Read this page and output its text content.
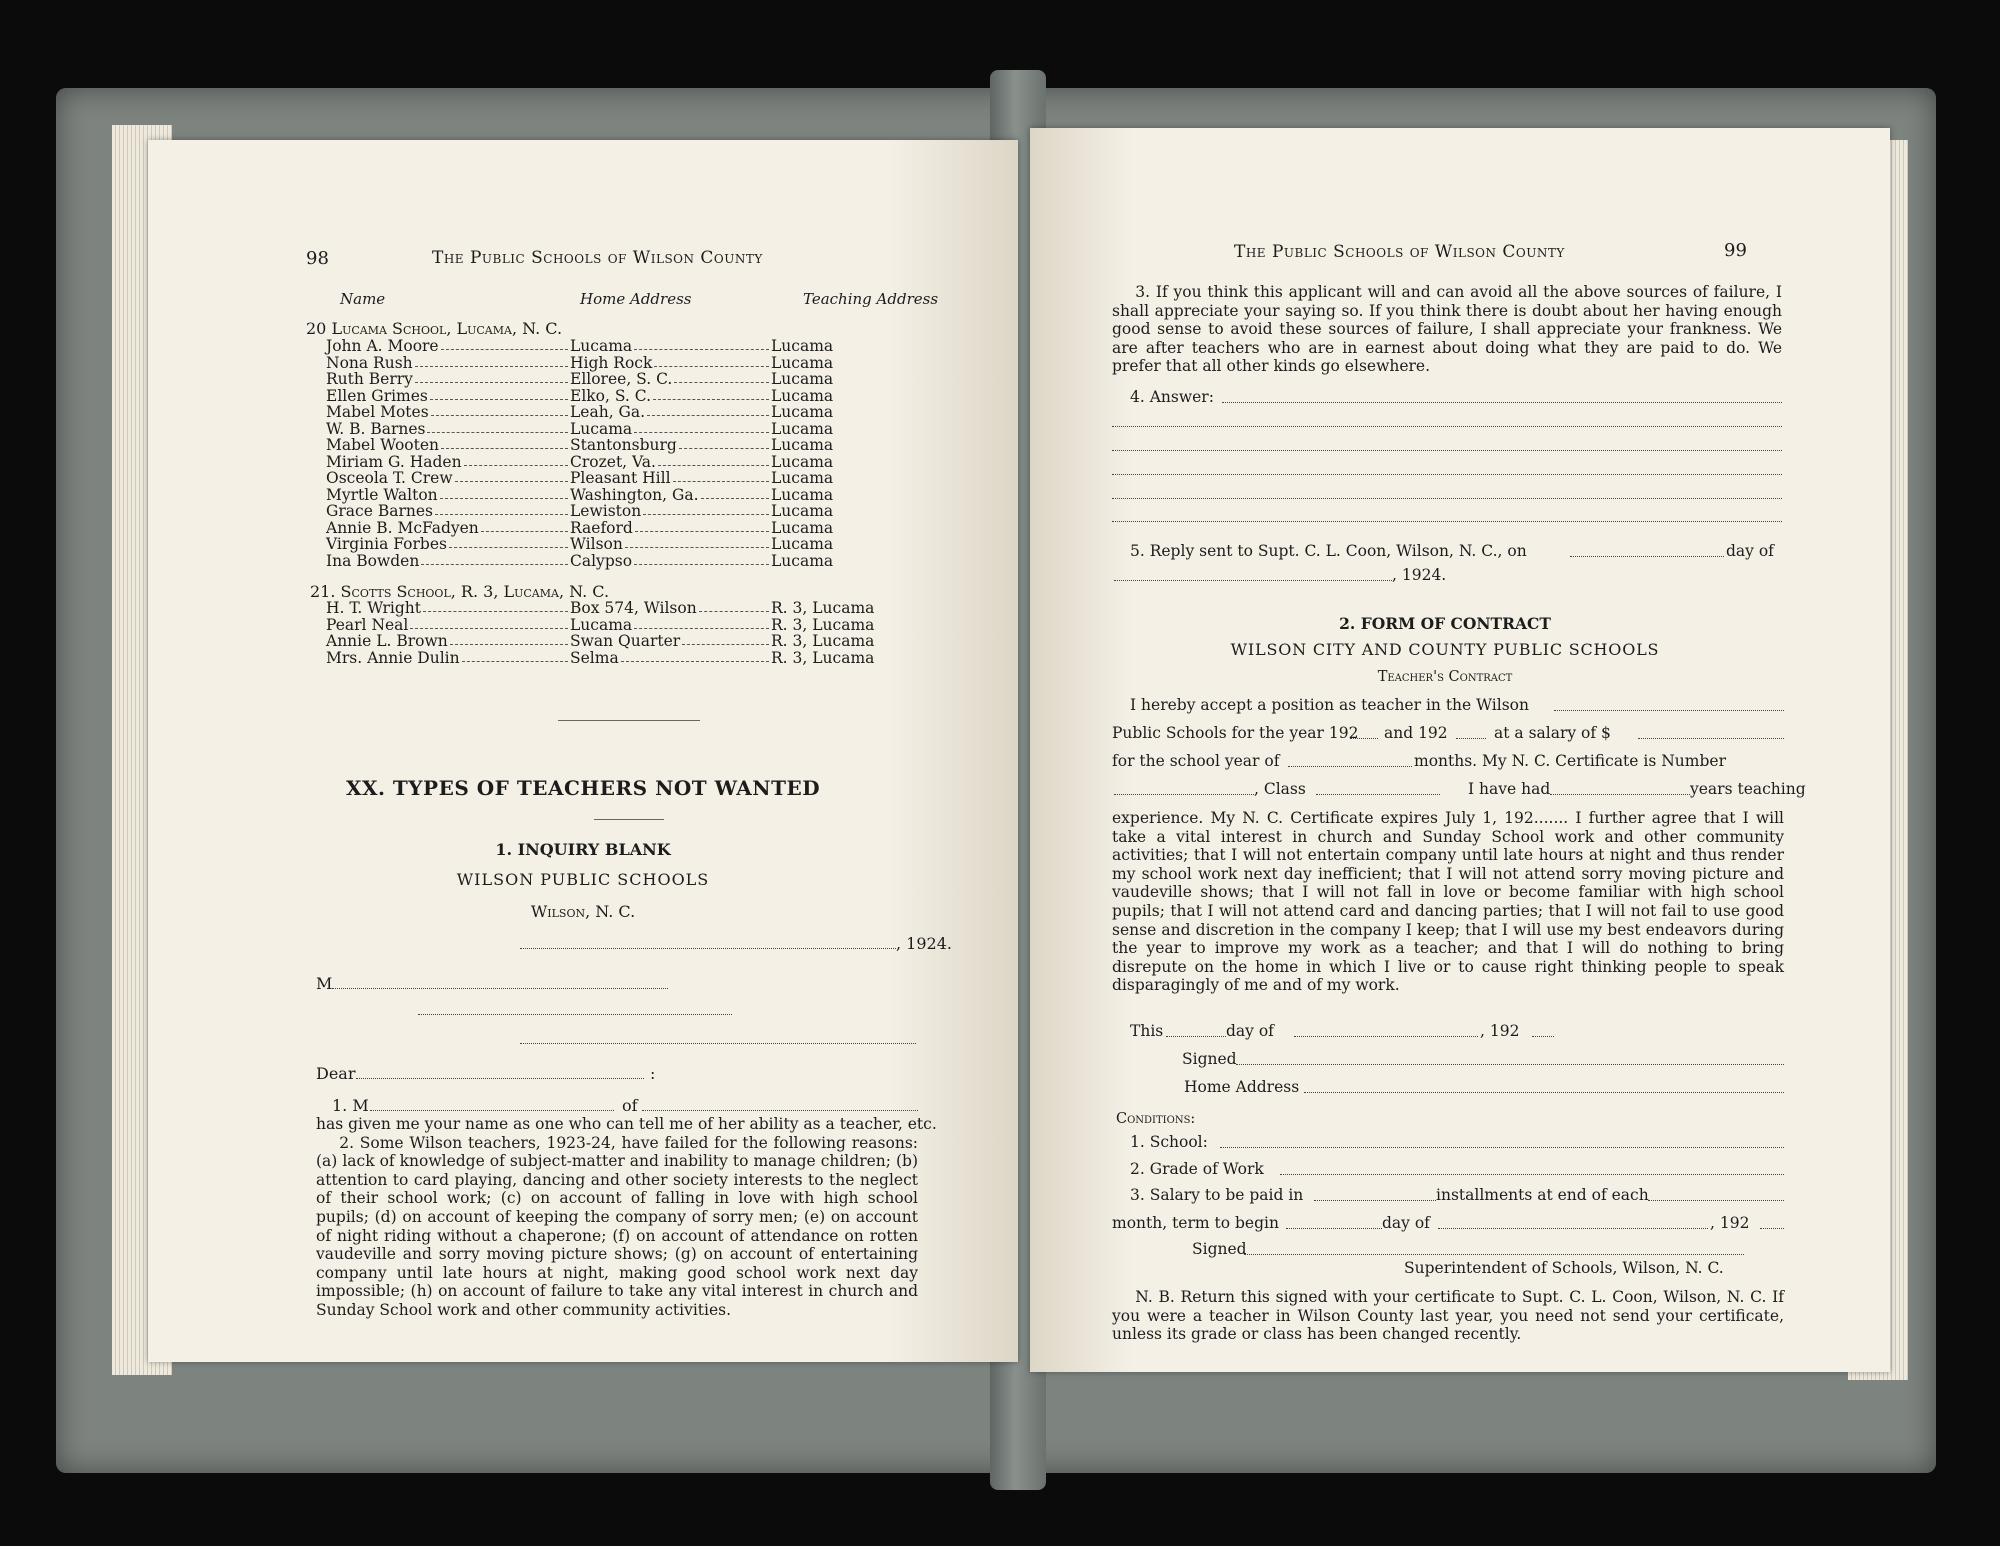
98	The Public Schools of Wilson County
Name	Home Address	Teaching Address
20 Lucama School, Lucama, N. C.
John A. Moore	Lucama	Lucama
Nona Rush	High Rock	Lucama
Ruth Berry	Elloree, S. C.	Lucama
Ellen Grimes	Elko, S. C.	Lucama
Mabel Motes	Leah, Ga.	Lucama
W. B. Barnes	Lucama	Lucama
Mabel Wooten	Stantonsburg	Lucama
Miriam G. Haden	Crozet, Va.	Lucama
Osceola T. Crew	Pleasant Hill	Lucama
Myrtle Walton	Washington, Ga.	Lucama
Grace Barnes	Lewiston	Lucama
Annie B. McFadyen	Raeford	Lucama
Virginia Forbes	Wilson	Lucama
Ina Bowden	Calypso	Lucama
21. Scotts School, R. 3, Lucama, N. C.
H. T. Wright	Box 574, Wilson	R. 3, Lucama
Pearl Neal	Lucama	R. 3, Lucama
Annie L. Brown	Swan Quarter	R. 3, Lucama
Mrs. Annie Dulin	Selma	R. 3, Lucama
XX. TYPES OF TEACHERS NOT WANTED
1. INQUIRY BLANK
WILSON PUBLIC SCHOOLS
Wilson, N. C.
, 1924.
M
Dear	:
1. M	of
has given me your name as one who can tell me of her ability as a teacher, etc.

2. Some Wilson teachers, 1923-24, have failed for the following reasons: (a) lack of knowledge of subject-matter and inability to manage children; (b) attention to card playing, dancing and other society interests to the neglect of their school work; (c) on account of falling in love with high school pupils; (d) on account of keeping the company of sorry men; (e) on account of night riding without a chaperone; (f) on account of attendance on rotten vaudeville and sorry moving picture shows; (g) on account of entertaining company until late hours at night, making good school work next day impossible; (h) on account of failure to take any vital interest in church and Sunday School work and other community activities.

The Public Schools of Wilson County	99

3. If you think this applicant will and can avoid all the above sources of failure, I shall appreciate your saying so. If you think there is doubt about her having enough good sense to avoid these sources of failure, I shall appreciate your frankness. We are after teachers who are in earnest about doing what they are paid to do. We prefer that all other kinds go elsewhere.

4. Answer:
5. Reply sent to Supt. C. L. Coon, Wilson, N. C., on	day of
, 1924.
2. FORM OF CONTRACT
WILSON CITY AND COUNTY PUBLIC SCHOOLS
Teacher's Contract
I hereby accept a position as teacher in the Wilson
Public Schools for the year 192 and 192	at a salary of $
for the school year of	months. My N. C. Certificate is Number
, Class	I have had	years teaching
experience. My N. C. Certificate expires July 1, 192....... I further agree that I will take a vital interest in church and Sunday School work and other community activities; that I will not entertain company until late hours at night and thus render my school work next day inefficient; that I will not attend sorry moving picture and vaudeville shows; that I will not fall in love or become familiar with high school pupils; that I will not attend card and dancing parties; that I will not fail to use good sense and discretion in the company I keep; that I will use my best endeavors during the year to improve my work as a teacher; and that I will do nothing to bring disrepute on the home in which I live or to cause right thinking people to speak disparagingly of me and of my work.
This	day of	, 192
Signed
Home Address
Conditions:
1. School:
2. Grade of Work
3. Salary to be paid in	installments at end of each
month, term to begin	day of	, 192
Signed
Superintendent of Schools, Wilson, N. C.

N. B. Return this signed with your certificate to Supt. C. L. Coon, Wilson, N. C. If you were a teacher in Wilson County last year, you need not send your certificate, unless its grade or class has been changed recently.
